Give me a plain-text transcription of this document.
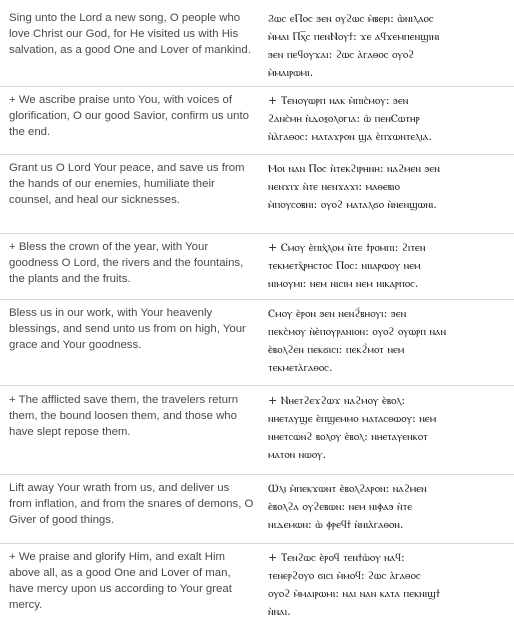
Sing unto the Lord a new song, O people who love Christ our God, for He visited us with His salvation, as a good One and Lover of mankind.
Ϩⲱⲥ ⲉⲠⲟⲥ ϧⲉⲛ ⲟⲩϩⲱⲥ ⲙ̀ⲃⲉⲣⲓ: ⲱ̀ⲛⲓⲗⲁⲟⲥ
ⲙ̀ⲙⲁⲓ Ⲡⲭ̅ⲥ ⲡⲉⲛⲚⲟⲩϯ: ϫⲉ ⲁϥϫⲉⲙⲡⲉⲛϣⲓⲛⲓ
ϧⲉⲛ ⲡⲉϥⲟⲩϫⲁⲓ: ϩⲱⲥ ⲁ̀ⲅⲁⲑⲟⲥ ⲟⲩⲟϩ
ⲙ̀ⲙⲁⲓⲣⲱⲙⲓ.
+ We ascribe praise unto You, with voices of glorification, O our good Savior, confirm us unto the end.
+ Ⲧⲉⲛⲟⲩⲱⲣⲡ ⲛⲁⲕ ⲙ̀ⲡⲓⲥ̀ⲙⲟⲩ: ϧⲉⲛ
ϩⲁⲛⲥ̀ⲙⲏ ⲛ̀ⲇⲟⲝⲟⲗⲟⲅⲓⲁ: ⲱ̀ ⲡⲉⲛⲤⲱⲧⲏⲣ
ⲛ̀ⲁ̀ⲅⲁⲑⲟⲥ: ⲙⲁⲧⲁϫⲣⲟⲛ ϣⲁ ⲉ̀ⲡϫⲱⲛⲧⲉⲗⲓⲁ.
Grant us O Lord Your peace, and save us from the hands of our enemies, humiliate their counsel, and heal our sicknesses.
Ⲙⲟⲓ ⲛⲁⲛ Ⲡⲟⲥ ⲛ̀ⲧⲉⲕϩⲓⲣⲏⲛⲏ: ⲛⲁϩⲙⲉⲛ ϧⲉⲛ
ⲛⲉⲛϫⲓϫ ⲛ̀ⲧⲉ ⲛⲉⲛϫⲁϫⲓ: ⲙⲁⲑⲉⲃⲓⲟ
ⲙ̀ⲡⲟⲩⲥⲟⲃⲛⲓ: ⲟⲩⲟϩ ⲙⲁⲧⲁⲗϭⲟ ⲛ̀ⲛⲉⲛϣⲱⲛⲓ.
+ Bless the crown of the year, with Your goodness O Lord, the rivers and the fountains, the plants and the fruits.
+ Ⲥⲙⲟⲩ ⲉ̀ⲡⲓⲭ̀ⲗⲟⲙ ⲛ̀ⲧⲉ ϯⲣⲟⲙⲡⲓ: ϩⲓⲧⲉⲛ
ⲧⲉⲕⲙⲉⲧⲭ̀ⲣⲏⲥⲧⲟⲥ Ⲡⲟⲥ: ⲛⲓⲓⲁⲣⲱⲟⲩ ⲛⲉⲙ
ⲛⲓⲙⲟⲩⲙⲓ: ⲛⲉⲙ ⲛⲓⲥⲓⲙ ⲛⲉⲙ ⲛⲓⲕⲁⲣⲡⲟⲥ.
Bless us in our work, with Your heavenly blessings, and send unto us from on high, Your grace and Your goodness.
Ⲥⲙⲟⲩ ⲉ̀ⲣⲟⲛ ϧⲉⲛ ⲛⲉⲛϩ̀ⲃⲏⲟⲩⲓ: ϧⲉⲛ
ⲡⲉⲕⲥ̀ⲙⲟⲩ ⲛ̀ⲉ̀ⲡⲟⲩⲣⲁⲛⲓⲟⲛ: ⲟⲩⲟϩ ⲟⲩⲱⲣⲡ ⲛⲁⲛ
ⲉ̀ⲃⲟⲗϩⲉⲛ ⲡⲉⲕϭⲓⲥⲓ: ⲡⲉⲕϩ̀ⲙⲟⲧ ⲛⲉⲙ
ⲧⲉⲕⲙⲉⲧⲁ̀ⲅⲁⲑⲟⲥ.
+ The afflicted save them, the travelers return them, the bound loosen them, and those who have slept repose them.
+ Ⲛⲏⲉⲧϩⲉϫϩⲱϫ ⲛⲁϩⲙⲟⲩ ⲉ̀ⲃⲟⲗ:
ⲛⲏⲉⲧⲁⲩϣⲉ ⲉ̀ⲡϣⲉⲙⲙⲟ ⲙⲁⲧⲁⲥⲑⲱⲟⲩ: ⲛⲉⲙ
ⲛⲏⲉⲧⲥⲱⲛϩ ⲃⲟⲗⲟⲩ ⲉ̀ⲃⲟⲗ: ⲛⲏⲉⲧⲁⲩⲉⲛⲕⲟⲧ
ⲙⲁⲧⲟⲛ ⲛⲱⲟⲩ.
Lift away Your wrath from us, and deliver us from inflation, and from the snares of demons, O Giver of good things.
Ⲱⲗⲓ ⲙ̀ⲡⲉⲕϫⲱⲛⲧ ⲉ̀ⲃⲟⲗϩⲁⲣⲟⲛ: ⲛⲁϩⲙⲉⲛ
ⲉ̀ⲃⲟⲗϩⲁ ⲟⲩϩⲉⲃⲱⲛ: ⲛⲉⲙ ⲛⲓⲫⲁϧ ⲛ̀ⲧⲉ
ⲛⲓⲇⲉⲙⲱⲛ: ⲱ̀ ⲫⲣⲉϥϯ ⲛ̀ⲛⲓⲁ̀ⲅⲁⲑⲟⲛ.
+ We praise and glorify Him, and exalt Him above all, as a good One and Lover of man, have mercy upon us according to Your great mercy.
+ Ⲧⲉⲛϩⲱⲥ ⲉ̀ⲣⲟϥ ⲧⲉⲛϯⲱ̀ⲟⲩ ⲛⲁϥ:
ⲧⲉⲛⲉⲣϩⲟⲩⲟ ϭⲓⲥⲓ ⲙ̀ⲙⲟϥ: ϩⲱⲥ ⲁ̀ⲅⲁⲑⲟⲥ
ⲟⲩⲟϩ ⲙ̀ⲙⲁⲓⲣⲱⲙⲓ: ⲛⲁⲓ ⲛⲁⲛ ⲕⲁⲧⲁ ⲡⲉⲕⲛⲓϣϯ
ⲛ̀ⲛⲁⲓ.
